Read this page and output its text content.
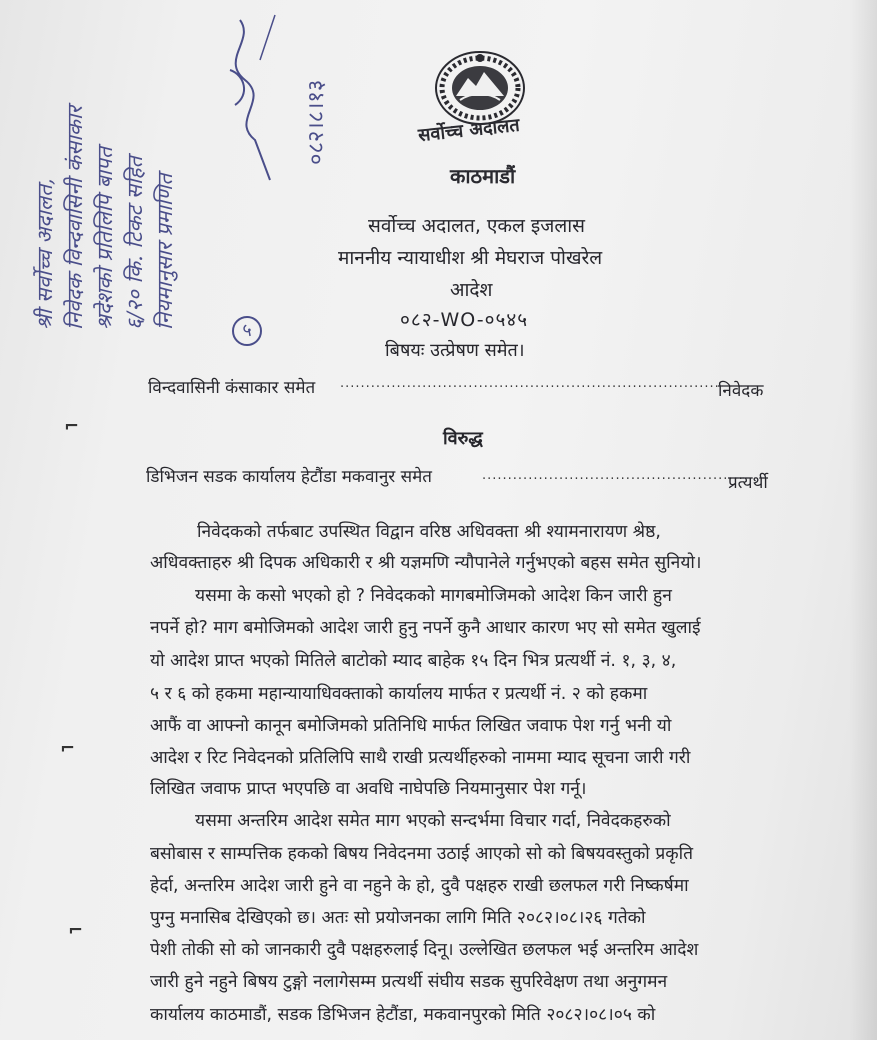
श्री सर्वोच्च अदालत, निवेदक विन्दवासिनी कंसाकार श्रदेशको प्रतिलिपि बापत ६/२० कि. टिकट सहित नियमानुसार प्रमाणित
०८२।८।१३
५
सर्वोच्च अदालत
काठमाडौं
सर्वोच्च अदालत, एकल इजलास
माननीय न्यायाधीश श्री मेघराज पोखरेल
आदेश
०८२-WO-०५४५
बिषयः उत्प्रेषण समेत।
विन्दवासिनी कंसाकार समेत ..........................................................................
निवेदक
विरुद्ध
डिभिजन सडक कार्यालय हेटौंडा मकवानुर समेत	...................................................
प्रत्यर्थी
निवेदकको तर्फबाट उपस्थित विद्वान वरिष्ठ अधिवक्ता श्री श्यामनारायण श्रेष्ठ,
अधिवक्ताहरु श्री दिपक अधिकारी र श्री यज्ञमणि न्यौपानेले गर्नुभएको बहस समेत सुनियो।
यसमा के कसो भएको हो ? निवेदकको मागबमोजिमको आदेश किन जारी हुन
नपर्ने हो? माग बमोजिमको आदेश जारी हुनु नपर्ने कुनै आधार कारण भए सो समेत खुलाई
यो आदेश प्राप्त भएको मितिले बाटोको म्याद बाहेक १५ दिन भित्र प्रत्यर्थी नं. १, ३, ४,
५ र ६ को हकमा महान्यायाधिवक्ताको कार्यालय मार्फत र प्रत्यर्थी नं. २ को हकमा
आफैं वा आफ्नो कानून बमोजिमको प्रतिनिधि मार्फत लिखित जवाफ पेश गर्नु भनी यो
आदेश र रिट निवेदनको प्रतिलिपि साथै राखी प्रत्यर्थीहरुको नाममा म्याद सूचना जारी गरी
लिखित जवाफ प्राप्त भएपछि वा अवधि नाघेपछि नियमानुसार पेश गर्नू।
यसमा अन्तरिम आदेश समेत माग भएको सन्दर्भमा विचार गर्दा, निवेदकहरुको
बसोबास र साम्पत्तिक हकको बिषय निवेदनमा उठाई आएको सो को बिषयवस्तुको प्रकृति
हेर्दा, अन्तरिम आदेश जारी हुने वा नहुने के हो, दुवै पक्षहरु राखी छलफल गरी निष्कर्षमा
पुग्नु मनासिब देखिएको छ। अतः सो प्रयोजनका लागि मिति २०८२।०८।२६ गतेको
पेशी तोकी सो को जानकारी दुवै पक्षहरुलाई दिनू। उल्लेखित छलफल भई अन्तरिम आदेश
जारी हुने नहुने बिषय टुङ्गो नलागेसम्म प्रत्यर्थी संघीय सडक सुपरिवेक्षण तथा अनुगमन
कार्यालय काठमाडौं, सडक डिभिजन हेटौंडा, मकवानपुरको मिति २०८२।०८।०५ को
⌐
⌐
⌐
